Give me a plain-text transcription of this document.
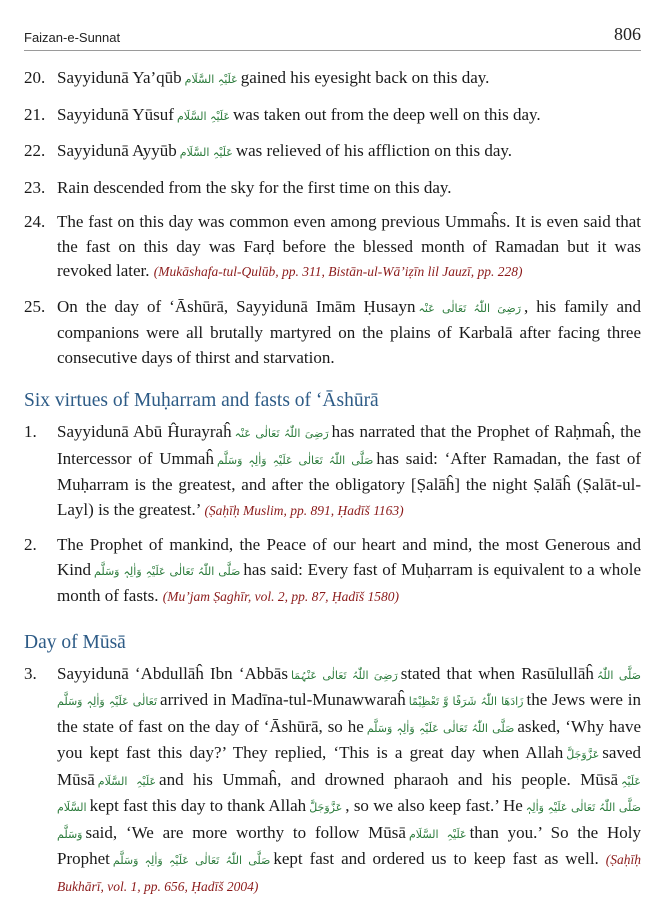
Faizan-e-Sunnat	806
20. Sayyidunā Ya’qūb عَلَیْہِ السَّلَام gained his eyesight back on this day.
21. Sayyidunā Yūsuf عَلَیْہِ السَّلَام was taken out from the deep well on this day.
22. Sayyidunā Ayyūb عَلَیْہِ السَّلَام was relieved of his affliction on this day.
23. Rain descended from the sky for the first time on this day.
24. The fast on this day was common even among previous Ummaĥs. It is even said that the fast on this day was Farḍ before the blessed month of Ramadan but it was revoked later. (Mukāshafa-tul-Qulūb, pp. 311, Bistān-ul-Wā’iẓīn lil Jauzī, pp. 228)
25. On the day of ‘Āshūrā, Sayyidunā Imām Ḥusayn رَضِیَ اللّٰہُ تَعَالٰی عَنْہ , his family and companions were all brutally martyred on the plains of Karbalā after facing three consecutive days of thirst and starvation.
Six virtues of Muḥarram and fasts of ‘Āshūrā
1.	Sayyidunā Abū Ĥurayraĥ رَضِیَ اللّٰہُ تَعَالٰی عَنْہ has narrated that the Prophet of Raḥmaĥ, the Intercessor of Ummaĥ صَلَّی اللّٰہُ تَعَالٰی عَلَیْہِ وَاٰلِہٖ وَسَلَّم has said: ‘After Ramadan, the fast of Muḥarram is the greatest, and after the obligatory [Ṣalāĥ] the night Ṣalāĥ (Ṣalāt-ul-Layl) is the greatest.’ (Ṣaḥīḥ Muslim, pp. 891, Ḥadīš 1163)
2.	The Prophet of mankind, the Peace of our heart and mind, the most Generous and Kind صَلَّی اللّٰہُ تَعَالٰی عَلَیْہِ وَاٰلِہٖ وَسَلَّم has said: Every fast of Muḥarram is equivalent to a whole month of fasts. (Mu’jam Ṣaghīr, vol. 2, pp. 87, Ḥadīš 1580)
Day of Mūsā
3.	Sayyidunā ‘Abdullāĥ Ibn ‘Abbās رَضِیَ اللّٰہُ تَعَالٰی عَنْہُمَا stated that when Rasūlullāĥ صَلَّی اللّٰہُ تَعَالٰی عَلَیْہِ وَاٰلِہٖ وَسَلَّم arrived in Madīna-tul-Munawwaraĥ زَادَھَا اللّٰہُ شَرَفًا وَّ تَعْظِیْمًا the Jews were in the state of fast on the day of ‘Āshūrā, so he صَلَّی اللّٰہُ تَعَالٰی عَلَیْہِ وَاٰلِہٖ وَسَلَّم asked, ‘Why have you kept fast this day?’ They replied, ‘This is a great day when Allah عَزَّوَجَلَّ saved Mūsā عَلَیْہِ السَّلَام and his Ummaĥ, and drowned pharaoh and his people. Mūsā عَلَیْہِ السَّلَام kept fast this day to thank Allah عَزَّوَجَلَّ , so we also keep fast.’ He صَلَّی اللّٰہُ تَعَالٰی عَلَیْہِ وَاٰلِہٖ وَسَلَّم said, ‘We are more worthy to follow Mūsā عَلَیْہِ السَّلَام than you.’ So the Holy Prophet صَلَّی اللّٰہُ تَعَالٰی عَلَیْہِ وَاٰلِہٖ وَسَلَّم kept fast and ordered us to keep fast as well. (Ṣaḥīḥ Bukhārī, vol. 1, pp. 656, Ḥadīš 2004)
